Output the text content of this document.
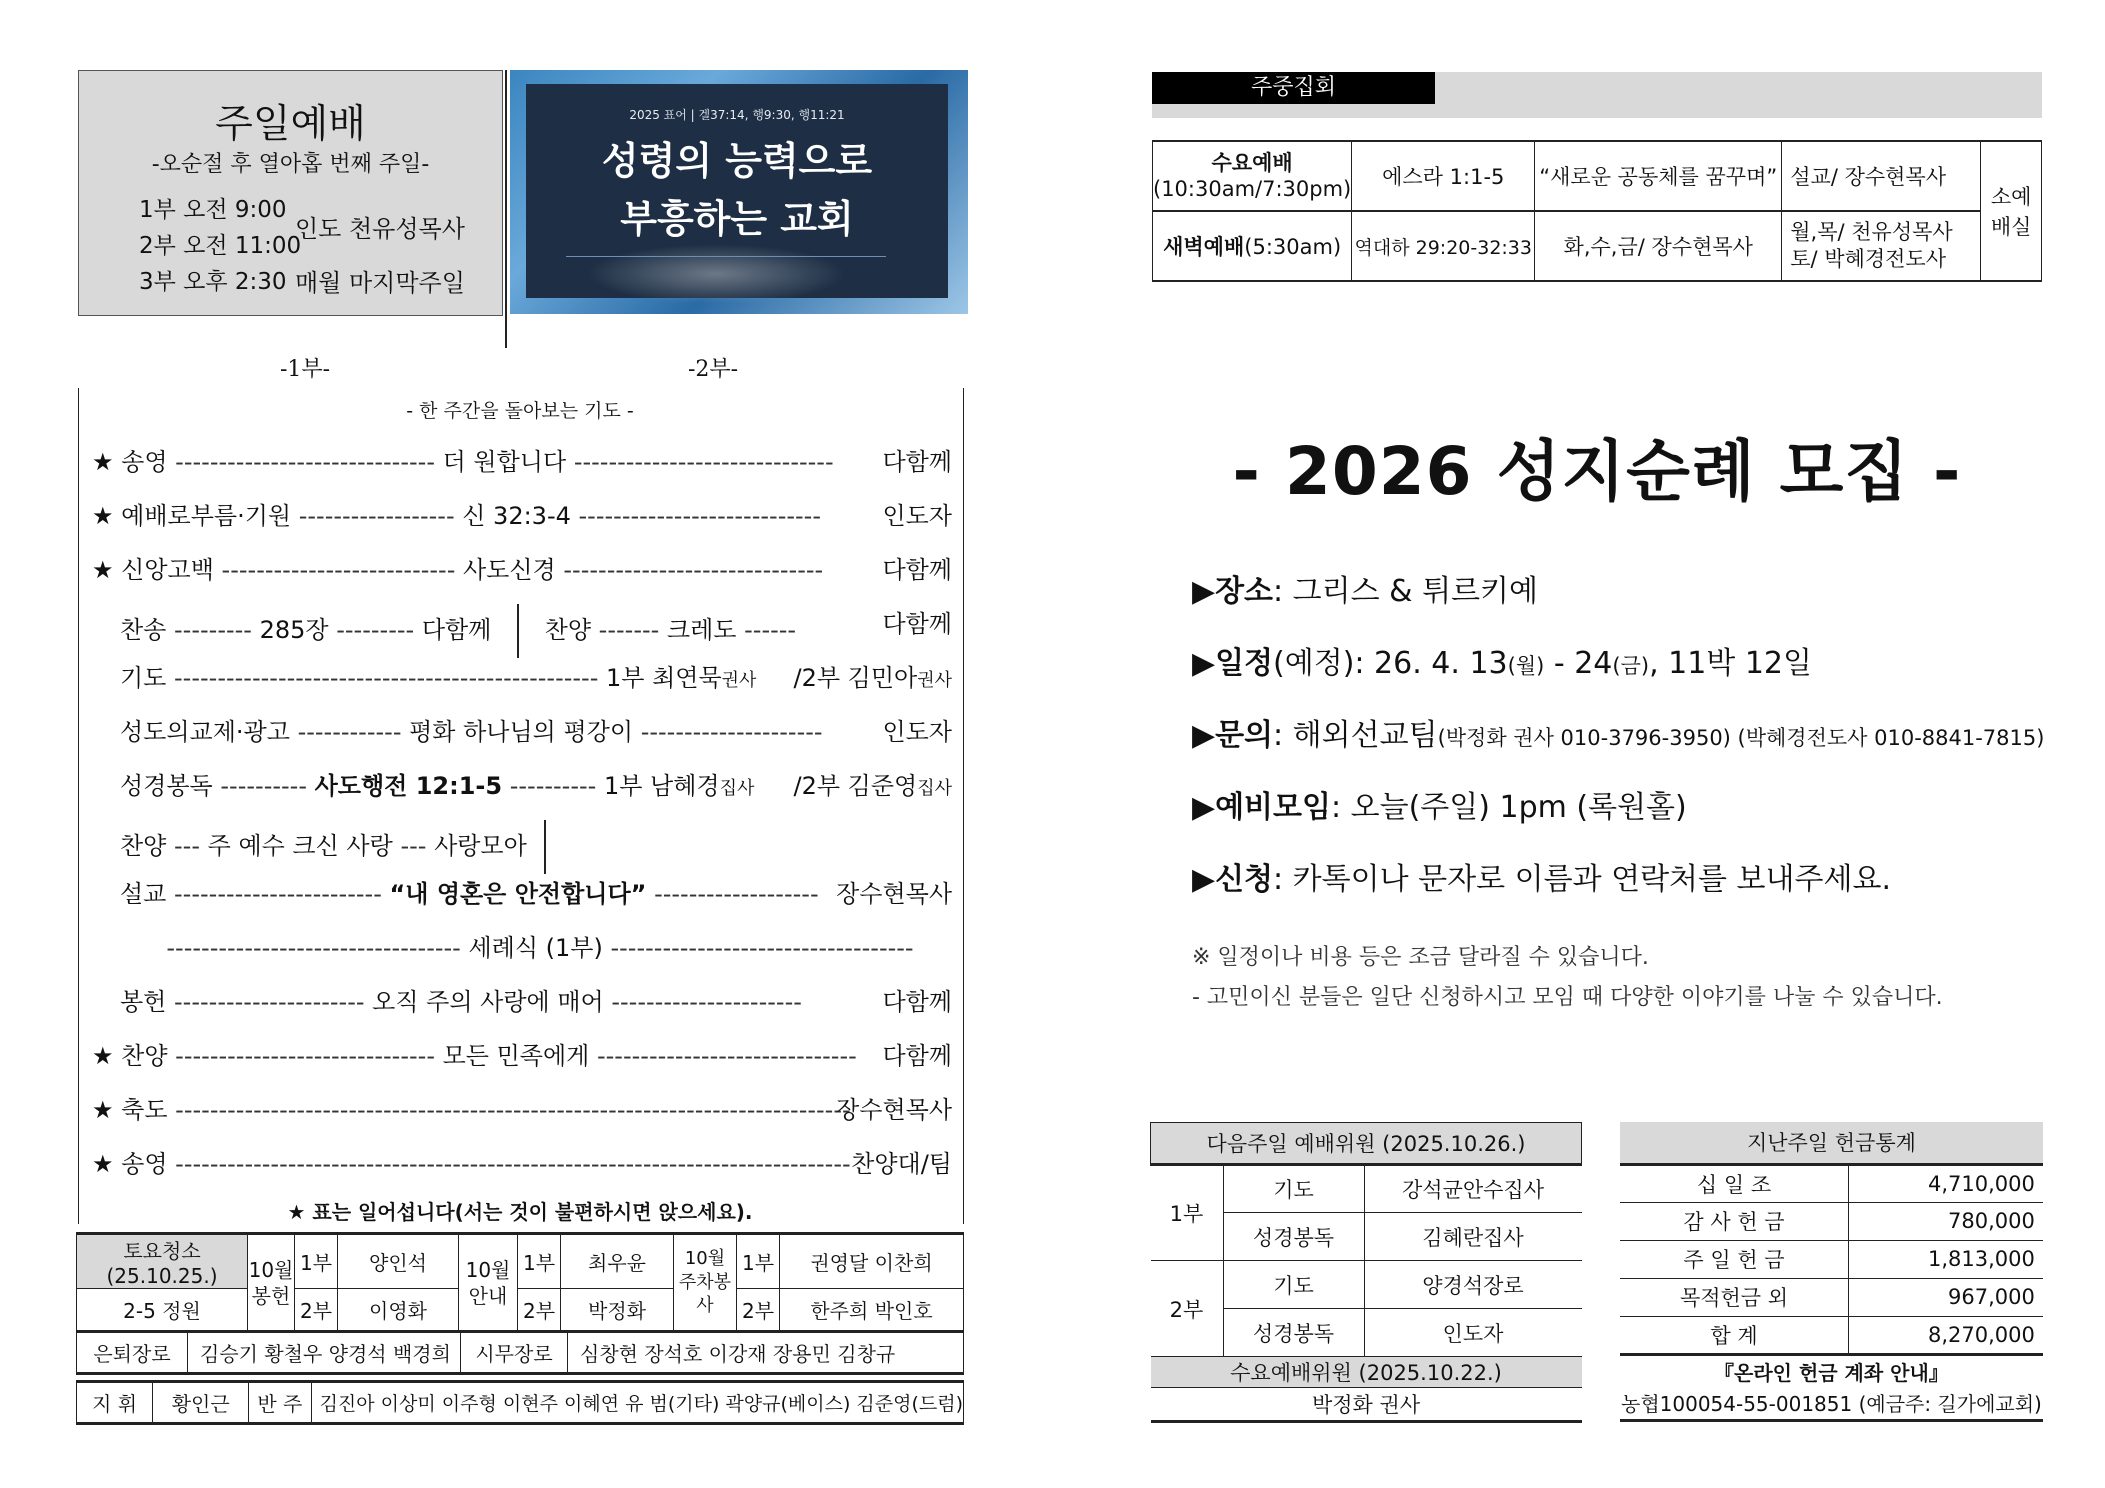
주일예배
-오순절 후 열아홉 번째 주일-
1부 오전 9:00
2부 오전 11:00
3부 오후 2:30
인도 천유성목사
매월 마지막주일
2025 표어 | 겔37:14, 행9:30, 행11:21
성령의 능력으로
부흥하는 교회
-1부-	-2부-
- 한 주간을 돌아보는 기도 -
★ 송영 ------------------------------ 더 원합니다 ------------------------------ 다함께
★ 예배로부름·기원 ------------------ 신 32:3-4 ----------------------------	인도자
★ 신앙고백 --------------------------- 사도신경 ------------------------------ 다함께
찬송 --------- 285장 --------- 다함께 찬양 ------- 크레도 ------	다함께
기도 ------------------------------------------------- 1부 최연묵권사 /2부 김민아권사
성도의교제·광고 ------------ 평화 하나님의 평강이 --------------------- 인도자
성경봉독 ---------- 사도행전 12:1-5 ---------- 1부 남혜경집사 /2부 김준영집사
찬양 --- 주 예수 크신 사랑 --- 사랑모아
설교 ------------------------ “내 영혼은 안전합니다” ------------------- 장수현목사
---------------------------------- 세례식 (1부) -----------------------------------
봉헌 ---------------------- 오직 주의 사랑에 매어 ----------------------	다함께
★ 찬양 ------------------------------ 모든 민족에게 ------------------------------ 다함께
★ 축도 ------------------------------------------------------------------------------
장수현목사
★ 송영 ------------------------------------------------------------------------------ 찬양대/팀
★ 표는 일어섭니다(서는 것이 불편하시면 앉으세요).
토요청소(25.10.25.)	10월 봉헌	1부	양인석	10월 안내	1부	최우윤	10월 주차봉사	1부	권영달 이찬희
2-5 정원		2부	이영화		2부	박정화		2부	한주희 박인호
은퇴장로	김승기 황철우 양경석 백경희	시무장로	심창현 장석호 이강재 장용민 김창규
지 휘	황인근	반 주	김진아 이상미 이주형 이현주 이혜연 유 범(기타) 곽양규(베이스) 김준영(드럼)
주중집회
수요예배
(10:30am/7:30pm)	에스라 1:1-5	“새로운 공동체를 꿈꾸며”	설교/ 장수현목사	소예배실
새벽예배(5:30am)	역대하 29:20-32:33	화,수,금/ 장수현목사	월,목/ 천유성목사
토/ 박혜경전도사	
- 2026 성지순례 모집 -
▶장소: 그리스 & 튀르키예
▶일정(예정): 26. 4. 13(월) - 24(금), 11박 12일
▶문의: 해외선교팀(박정화 권사 010-3796-3950) (박혜경전도사 010-8841-7815)
▶예비모임: 오늘(주일) 1pm (록원홀)
▶신청: 카톡이나 문자로 이름과 연락처를 보내주세요.
※ 일정이나 비용 등은 조금 달라질 수 있습니다.
- 고민이신 분들은 일단 신청하시고 모임 때 다양한 이야기를 나눌 수 있습니다.
다음주일 예배위원 (2025.10.26.)		
1부	기도	강석균안수집사
	성경봉독	김혜란집사
2부	기도	양경석장로
	성경봉독	인도자
수요예배위원 (2025.10.22.)		
박정화 권사		
지난주일 헌금통계	
십 일 조	4,710,000
감 사 헌 금	780,000
주 일 헌 금	1,813,000
목적헌금 외	967,000
합 계	8,270,000
『온라인 헌금 계좌 안내』	
농협100054-55-001851 (예금주: 길가에교회)	
